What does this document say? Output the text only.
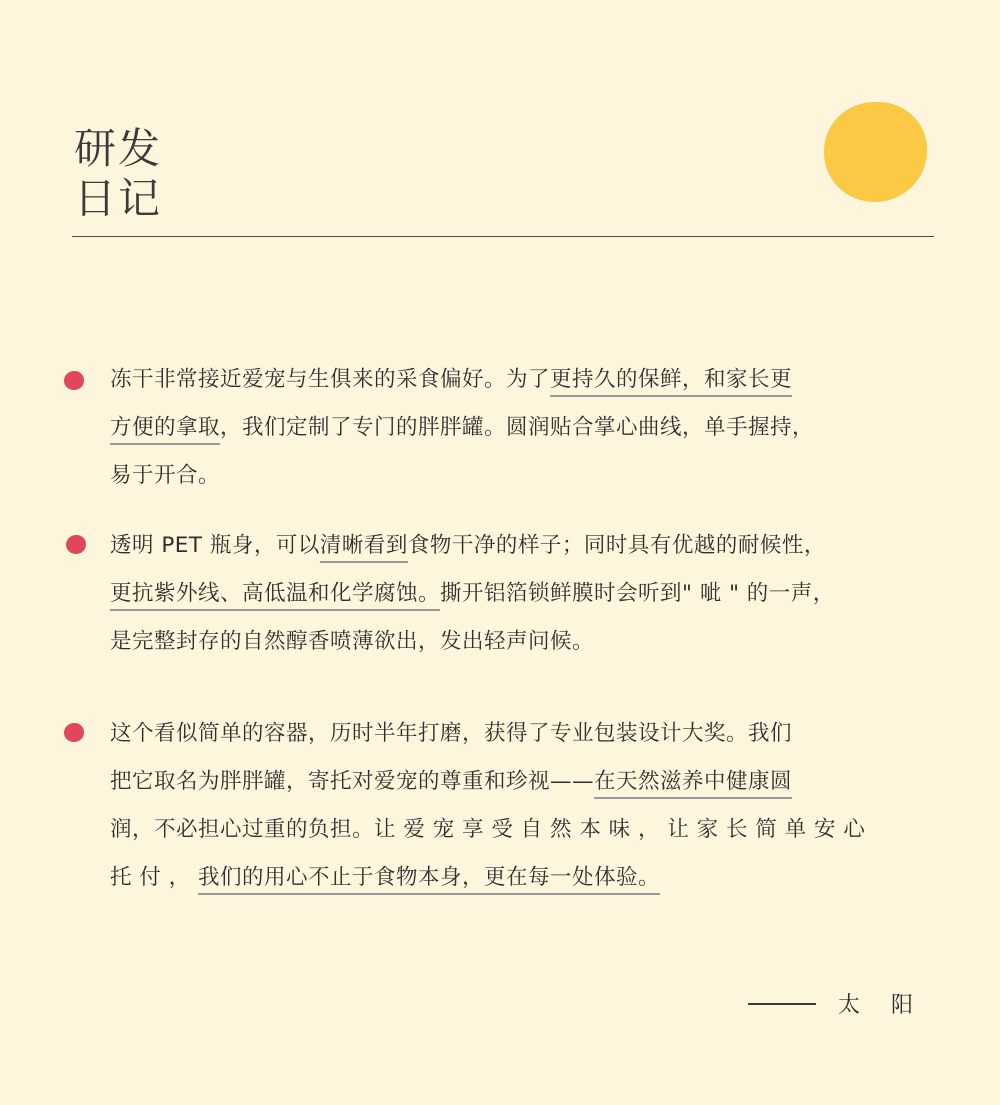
研发
日记

冻干非常接近爱宠与生俱来的采食偏好。为了更持久的保鲜，和家长更
方便的拿取，我们定制了专门的胖胖罐。圆润贴合掌心曲线，单手握持，
易于开合。

透明 PET 瓶身，可以清晰看到食物干净的样子；同时具有优越的耐候性，
更抗紫外线、高低温和化学腐蚀。撕开铝箔锁鲜膜时会听到" 呲 " 的一声，
是完整封存的自然醇香喷薄欲出，发出轻声问候。

这个看似简单的容器，历时半年打磨，获得了专业包装设计大奖。我们
把它取名为胖胖罐，寄托对爱宠的尊重和珍视——在天然滋养中健康圆
润，不必担心过重的负担。让 爱 宠 享 受 自 然 本 味 ， 让 家 长 简 单 安 心
托 付 ， 我们的用心不止于食物本身，更在每一处体验。

太 阳
